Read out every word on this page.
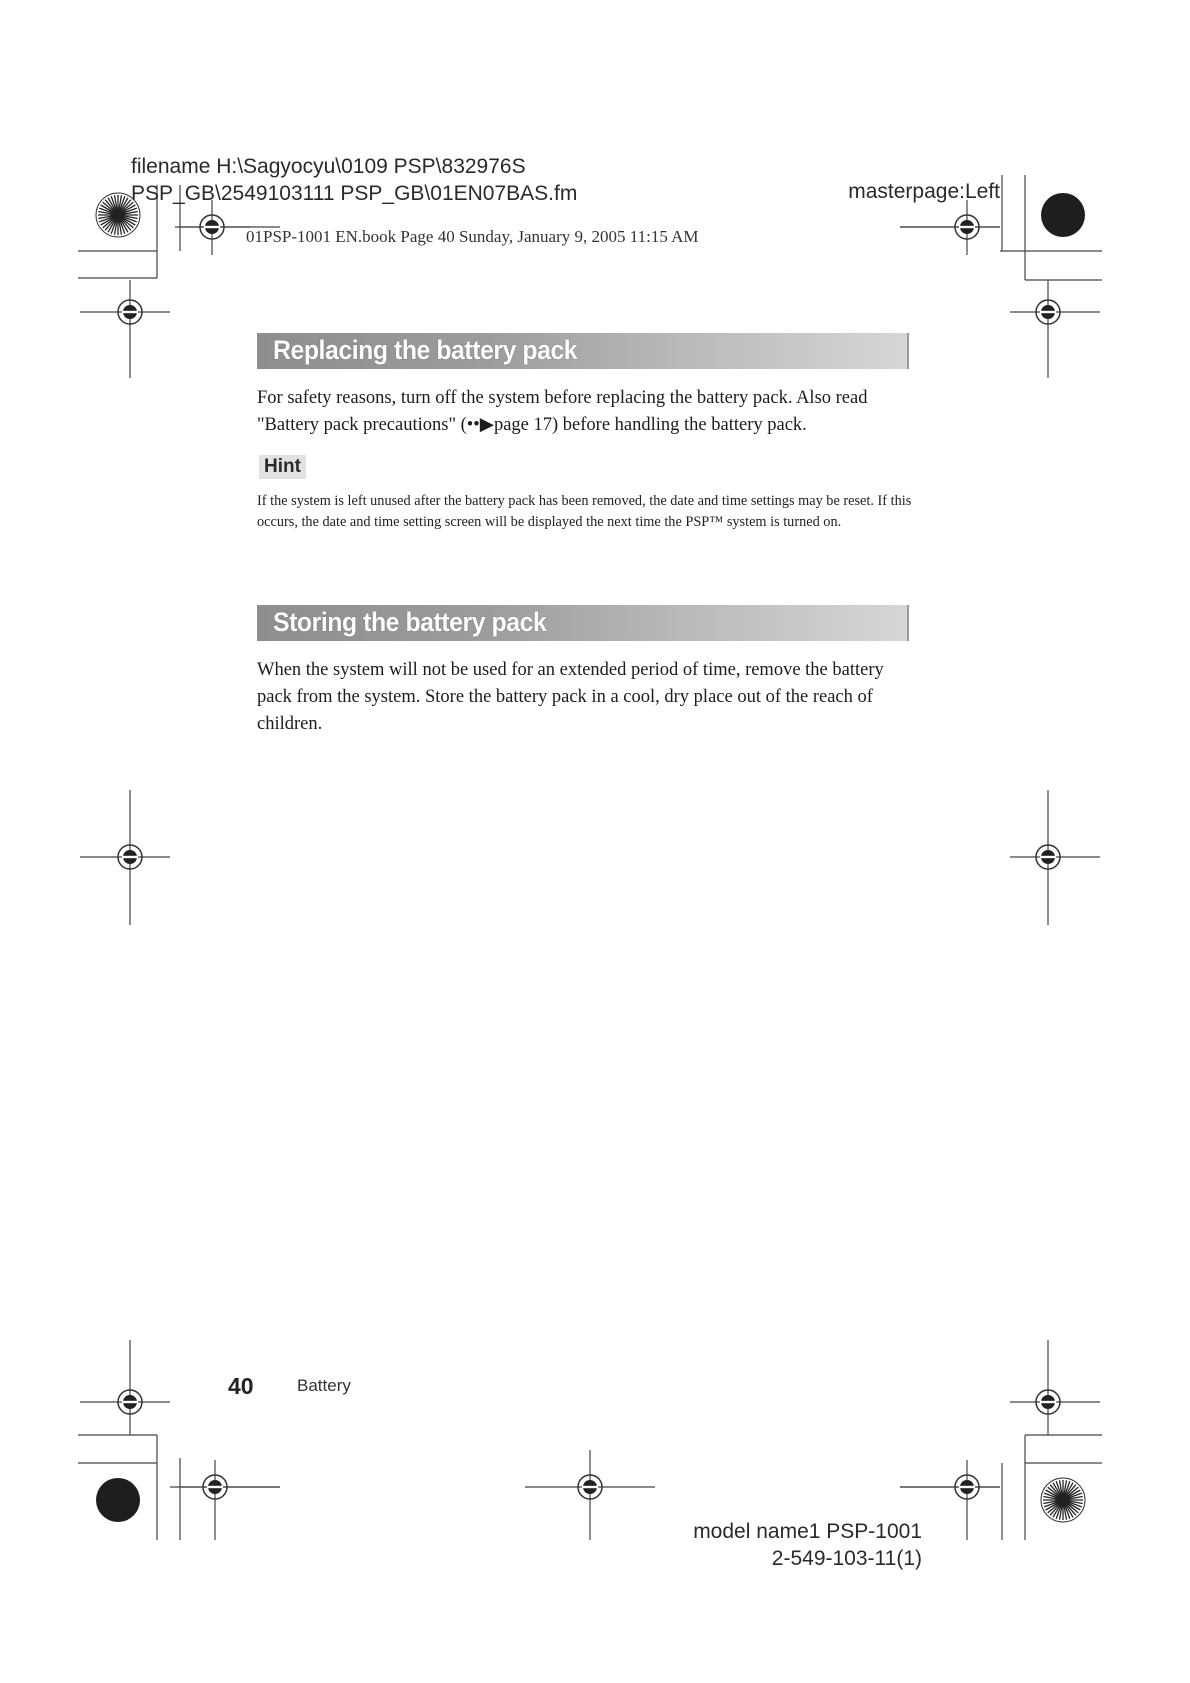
filename H:\Sagyocyu\0109 PSP\832976S
PSP_GB\2549103111 PSP_GB\01EN07BAS.fm	masterpage:Left
01PSP-1001 EN.book Page 40 Sunday, January 9, 2005 11:15 AM
Replacing the battery pack
For safety reasons, turn off the system before replacing the battery pack. Also read "Battery pack precautions" (••▶page 17) before handling the battery pack.
Hint
If the system is left unused after the battery pack has been removed, the date and time settings may be reset. If this occurs, the date and time setting screen will be displayed the next time the PSP™ system is turned on.
Storing the battery pack
When the system will not be used for an extended period of time, remove the battery pack from the system. Store the battery pack in a cool, dry place out of the reach of children.
40	Battery
model name1 PSP-1001
2-549-103-11(1)
